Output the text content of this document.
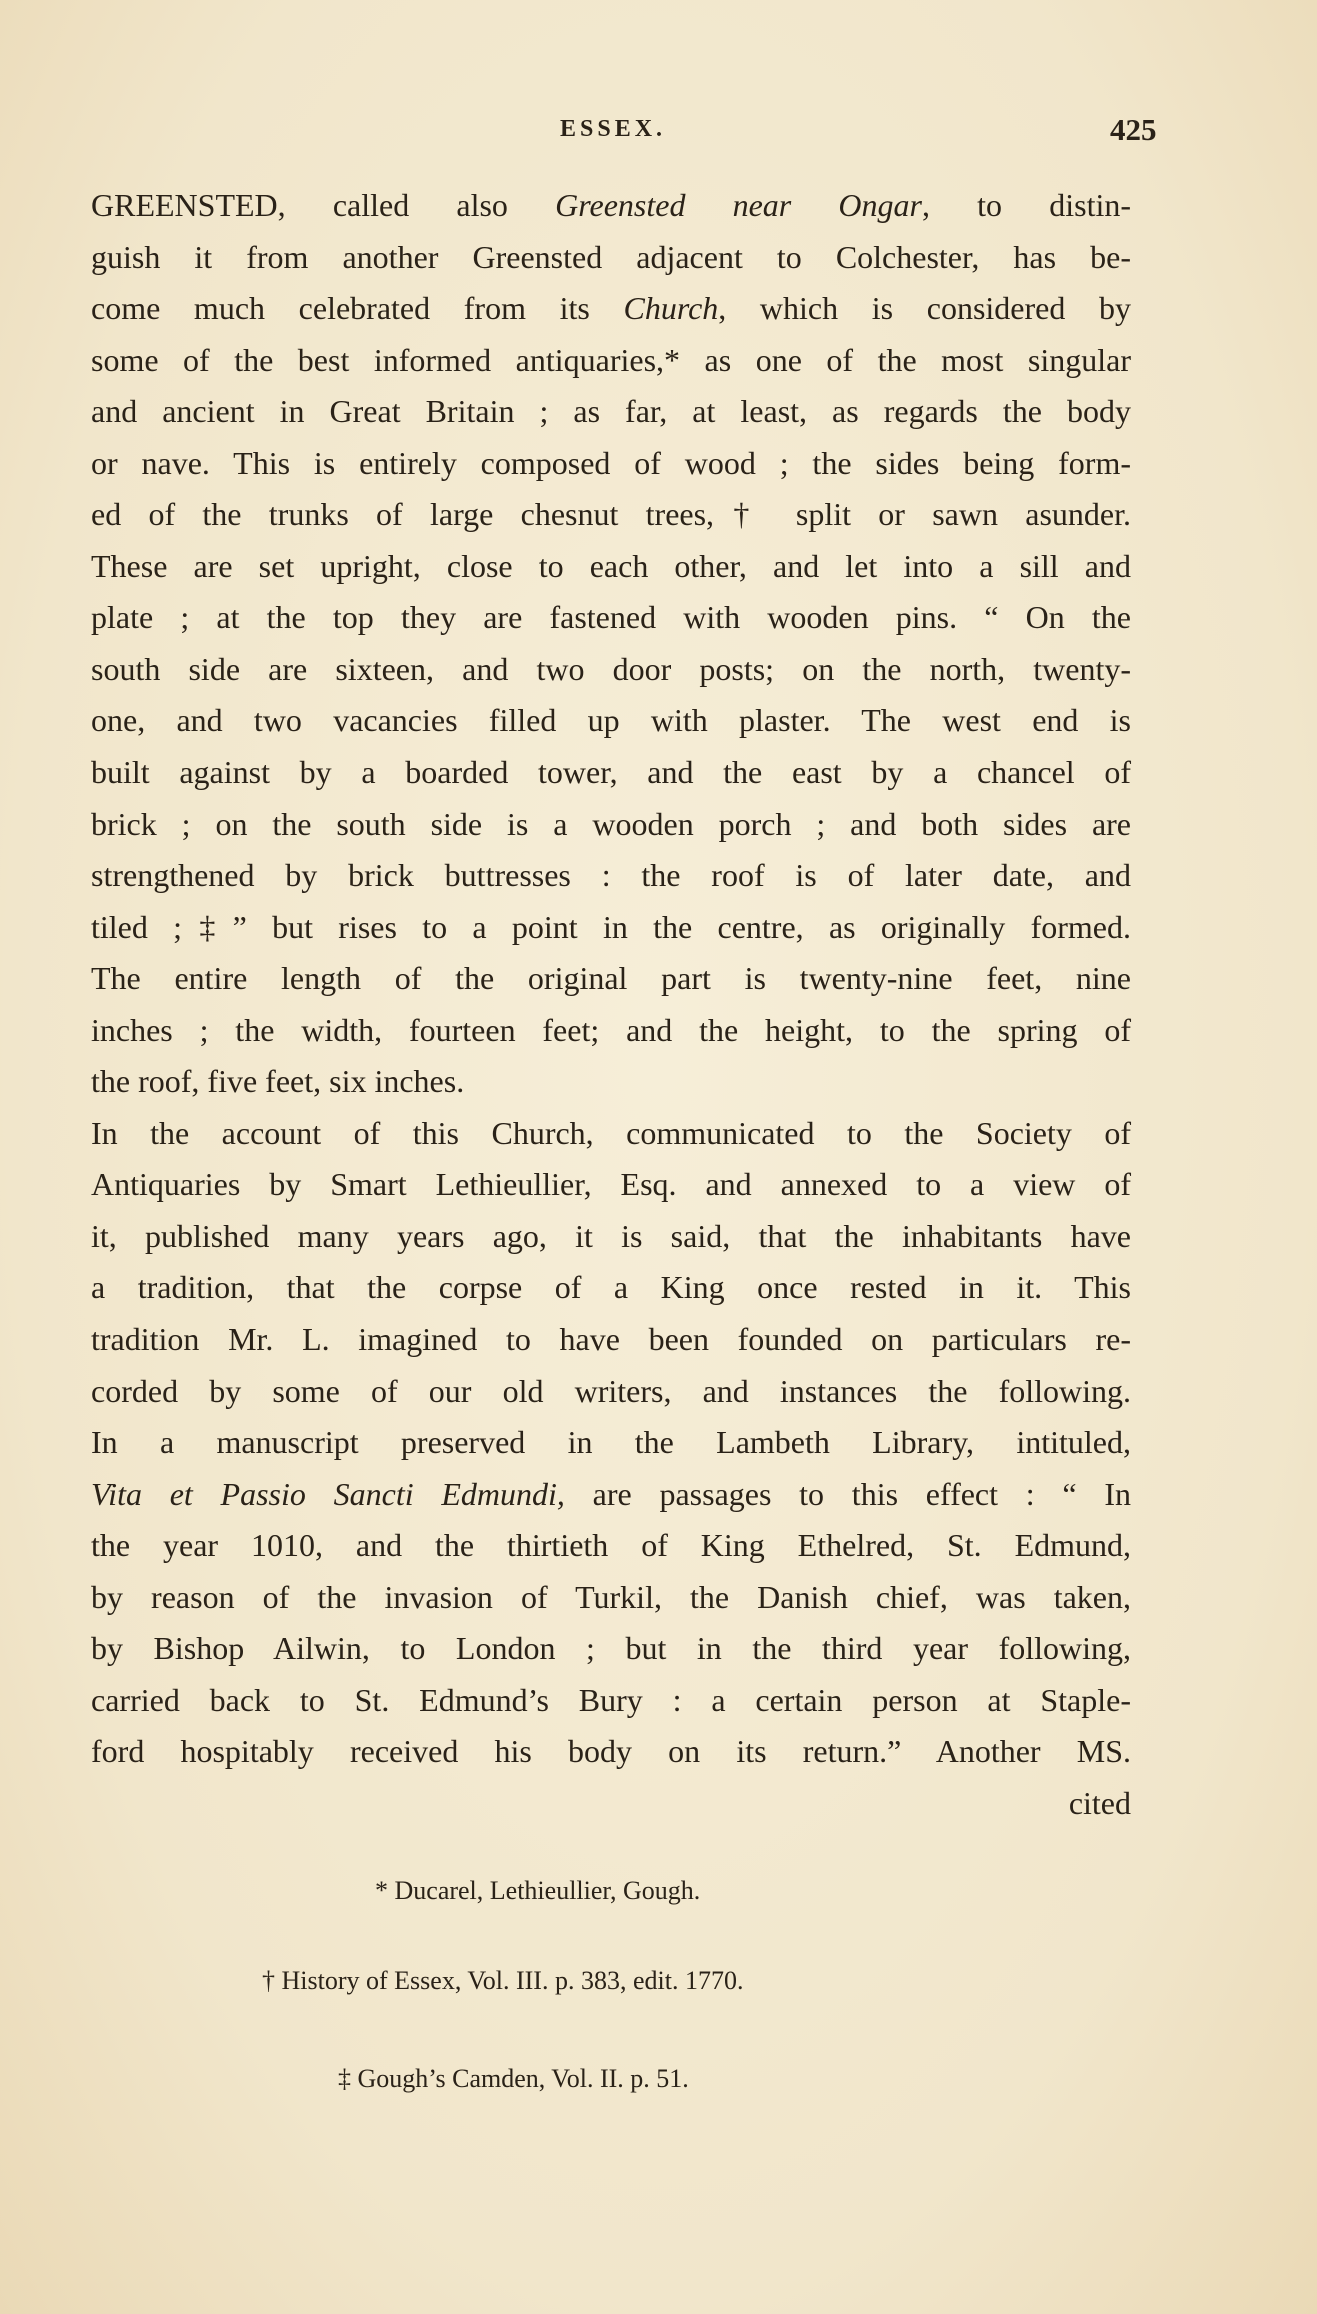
ESSEX.	425
GREENSTED, called also Greensted near Ongar, to distin-
guish it from another Greensted adjacent to Colchester, has be-
come much celebrated from its Church, which is considered by
some of the best informed antiquaries,* as one of the most singular
and ancient in Great Britain ; as far, at least, as regards the body
or nave. This is entirely composed of wood ; the sides being form-
ed of the trunks of large chesnut trees,† split or sawn asunder.
These are set upright, close to each other, and let into a sill and
plate ; at the top they are fastened with wooden pins. “ On the
south side are sixteen, and two door posts; on the north, twenty-
one, and two vacancies filled up with plaster. The west end is
built against by a boarded tower, and the east by a chancel of
brick ; on the south side is a wooden porch ; and both sides are
strengthened by brick buttresses : the roof is of later date, and
tiled ;‡” but rises to a point in the centre, as originally formed.
The entire length of the original part is twenty-nine feet, nine
inches ; the width, fourteen feet; and the height, to the spring of
the roof, five feet, six inches.
In the account of this Church, communicated to the Society of
Antiquaries by Smart Lethieullier, Esq. and annexed to a view of
it, published many years ago, it is said, that the inhabitants have
a tradition, that the corpse of a King once rested in it. This
tradition Mr. L. imagined to have been founded on particulars re-
corded by some of our old writers, and instances the following.
In a manuscript preserved in the Lambeth Library, intituled,
Vita et Passio Sancti Edmundi, are passages to this effect : “ In
the year 1010, and the thirtieth of King Ethelred, St. Edmund,
by reason of the invasion of Turkil, the Danish chief, was taken,
by Bishop Ailwin, to London ; but in the third year following,
carried back to St. Edmund’s Bury : a certain person at Staple-
ford hospitably received his body on its return.” Another MS.
cited
* Ducarel, Lethieullier, Gough.
† History of Essex, Vol. III. p. 383, edit. 1770.
‡ Gough’s Camden, Vol. II. p. 51.
